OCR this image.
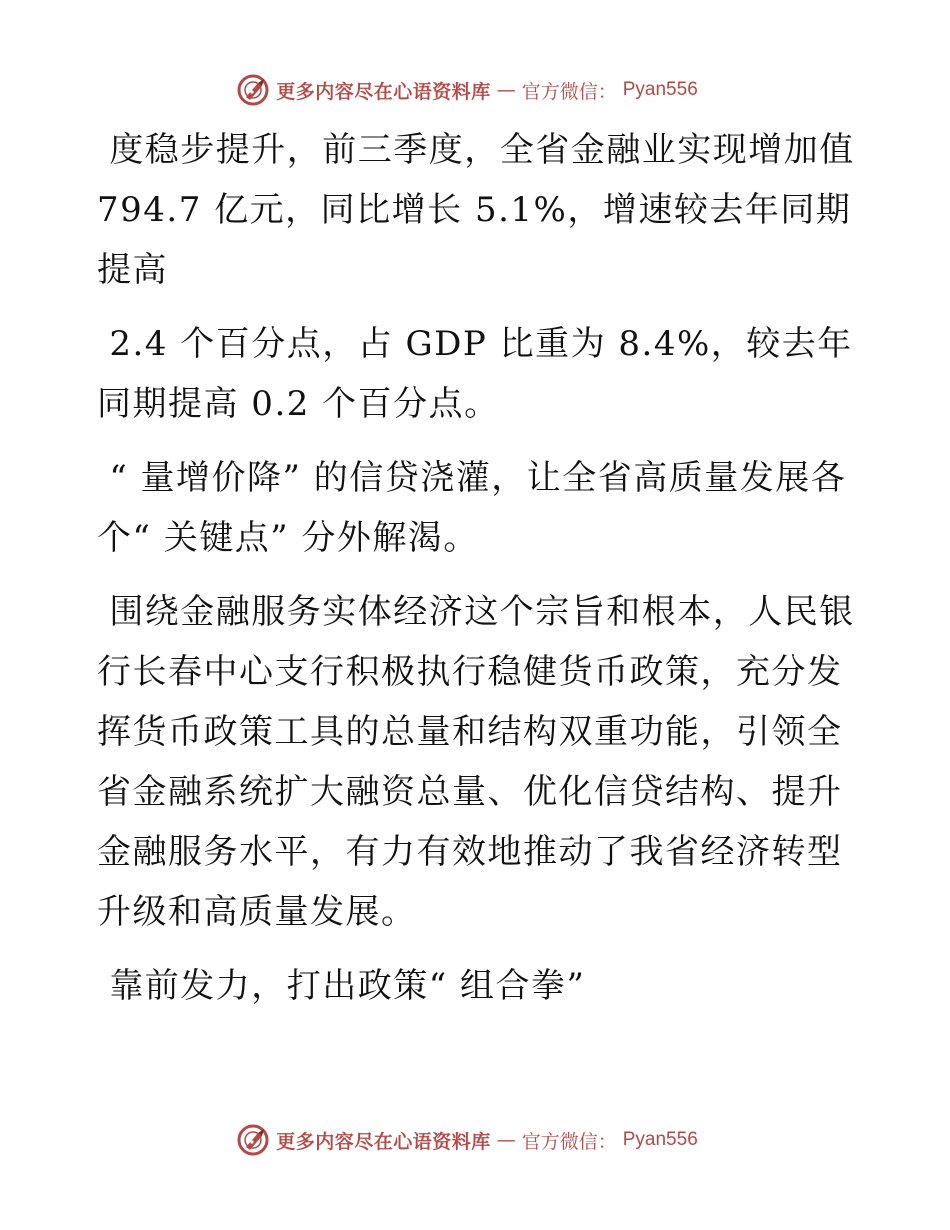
更多内容尽在心语资料库 — 官方微信： Pyan556

度稳步提升，前三季度，全省金融业实现增加值 794.7 亿元，同比增长 5.1%，增速较去年同期提高

2.4 个百分点，占 GDP 比重为 8.4%，较去年同期提高 0.2 个百分点。

“ 量增价降” 的信贷浇灌，让全省高质量发展各个“ 关键点” 分外解渴。

围绕金融服务实体经济这个宗旨和根本，人民银行长春中心支行积极执行稳健货币政策，充分发挥货币政策工具的总量和结构双重功能，引领全省金融系统扩大融资总量、优化信贷结构、提升金融服务水平，有力有效地推动了我省经济转型升级和高质量发展。

靠前发力，打出政策“ 组合拳”

更多内容尽在心语资料库 — 官方微信： Pyan556
